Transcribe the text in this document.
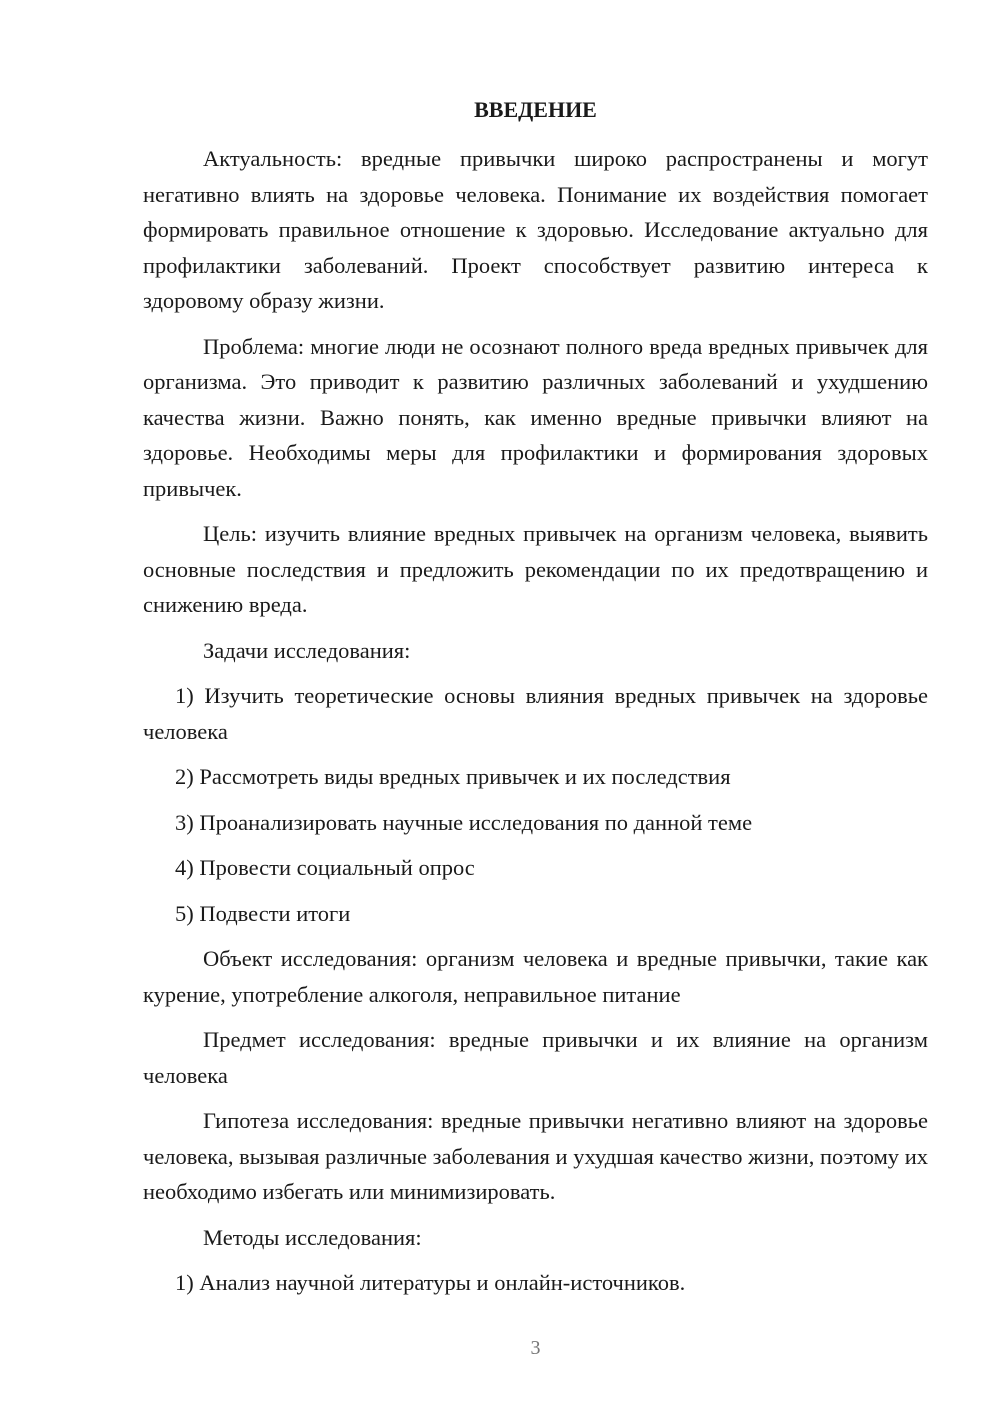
ВВЕДЕНИЕ

Актуальность: вредные привычки широко распространены и могут негативно влиять на здоровье человека. Понимание их воздействия помогает формировать правильное отношение к здоровью. Исследование актуально для профилактики заболеваний. Проект способствует развитию интереса к здоровому образу жизни.

Проблема: многие люди не осознают полного вреда вредных привычек для организма. Это приводит к развитию различных заболеваний и ухудшению качества жизни. Важно понять, как именно вредные привычки влияют на здоровье. Необходимы меры для профилактики и формирования здоровых привычек.

Цель: изучить влияние вредных привычек на организм человека, выявить основные последствия и предложить рекомендации по их предотвращению и снижению вреда.

Задачи исследования:

1) Изучить теоретические основы влияния вредных привычек на здоровье человека

2) Рассмотреть виды вредных привычек и их последствия

3) Проанализировать научные исследования по данной теме

4) Провести социальный опрос

5) Подвести итоги

Объект исследования: организм человека и вредные привычки, такие как курение, употребление алкоголя, неправильное питание

Предмет исследования: вредные привычки и их влияние на организм человека

Гипотеза исследования: вредные привычки негативно влияют на здоровье человека, вызывая различные заболевания и ухудшая качество жизни, поэтому их необходимо избегать или минимизировать.

Методы исследования:

1) Анализ научной литературы и онлайн-источников.

3
